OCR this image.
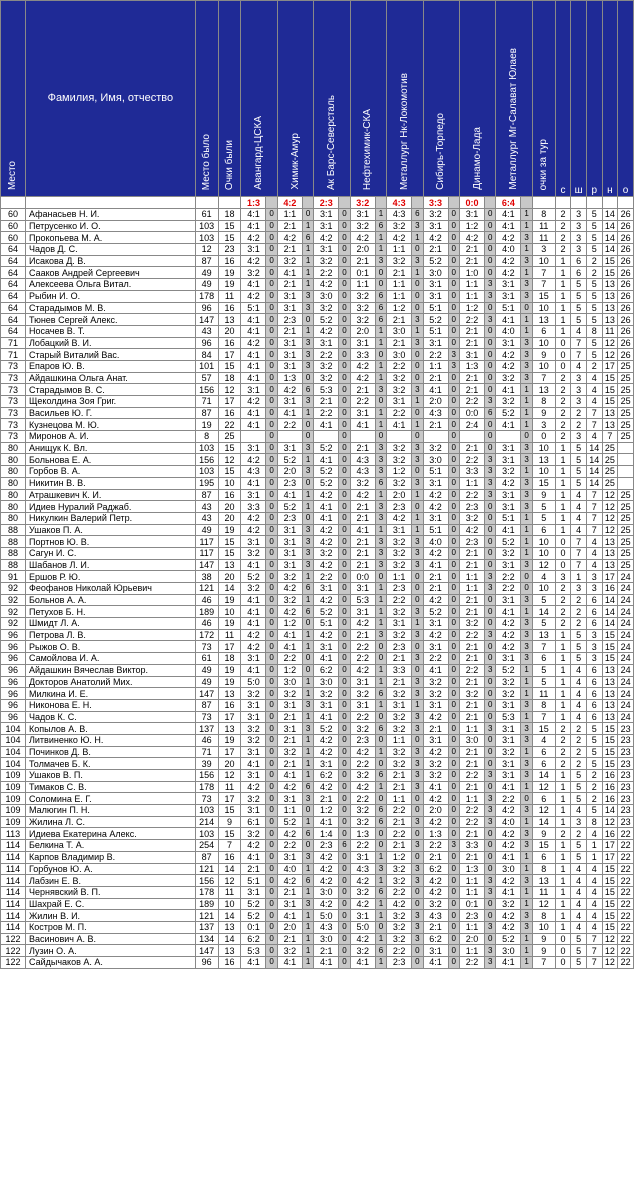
Место	Фамилия, Имя, отчество	Место было	Очки были	Авангард-ЦСКА		Химик-Амур		Ак Барс-Северсталь		Нефтехимик-СКА		Металлург Нк-Локомотив		Сибирь-Торпедо		Динамо-Лада		Металлург Мг-Салават Юлаев		очки за тур	с	ш	р	н	о
				1:3		4:2		2:3		3:2		4:3		3:3		0:0		6:4							
60	Афанасьев Н. И.	61	18	4:1	0	1:1	0	3:1	0	3:1	1	4:3	6	3:2	0	3:1	0	4:1	1	8	2	3	5	14	26
60	Петрусенко И. О.	103	15	4:1	0	2:1	1	3:1	0	3:2	6	3:2	3	3:1	0	1:2	0	4:1	1	11	2	3	5	14	26
60	Прокопьева М. А.	103	15	4:2	0	4:2	6	4:2	0	4:2	1	4:2	1	4:2	0	4:2	0	4:2	3	11	2	3	5	14	26
64	Чадов Д. С.	12	23	3:1	0	2:1	1	3:1	0	2:0	1	1:1	0	2:1	0	2:1	0	4:0	1	3	2	3	5	14	26
64	Исакова Д. В.	87	16	4:2	0	3:2	1	3:2	0	2:1	3	3:2	3	5:2	0	2:1	0	4:2	3	10	1	6	2	15	26
64	Саакoв Андрей Сергеевич	49	19	3:2	0	4:1	1	2:2	0	0:1	0	2:1	1	3:0	0	1:0	0	4:2	1	7	1	6	2	15	26
64	Алексеева Ольга Витал.	49	19	4:1	0	2:1	1	4:2	0	1:1	0	1:1	0	3:1	0	1:1	3	3:1	3	7	1	5	5	13	26
64	Рыбин И. О.	178	11	4:2	0	3:1	3	3:0	0	3:2	6	1:1	0	3:1	0	1:1	3	3:1	3	15	1	5	5	13	26
64	Старадымов М. В.	96	16	5:1	0	3:1	3	3:2	0	3:2	6	1:2	0	5:1	0	1:2	0	5:1	0	10	1	5	5	13	26
64	Тюнев Сергей Алекс.	147	13	4:1	0	2:3	0	5:2	0	3:2	6	2:1	3	5:2	0	2:2	3	4:1	1	13	1	5	5	13	26
64	Носачев В. Т.	43	20	4:1	0	2:1	1	4:2	0	2:0	1	3:0	1	5:1	0	2:1	0	4:0	1	6	1	4	8	11	26
71	Лобацкий В. И.	96	16	4:2	0	3:1	3	3:1	0	3:1	1	2:1	3	3:1	0	2:1	0	3:1	3	10	0	7	5	12	26
71	Старый Виталий Вас.	84	17	4:1	0	3:1	3	2:2	0	3:3	0	3:0	0	2:2	3	3:1	0	4:2	3	9	0	7	5	12	26
73	Епаров Ю. В.	101	15	4:1	0	3:1	3	3:2	0	4:2	1	2:2	0	1:1	3	1:3	0	4:2	3	10	0	4	2	17	25
73	Айдашкина Ольга Анат.	57	18	4:1	0	1:3	0	3:2	0	4:2	1	3:2	0	2:1	0	2:1	0	3:2	3	7	2	3	4	15	25
73	Старадымов В. С.	156	12	3:1	0	4:2	6	5:3	0	2:1	3	3:2	3	4:1	0	2:1	0	4:1	1	13	2	3	4	15	25
73	Щеколдина Зоя Григ.	71	17	4:2	0	3:1	3	2:1	0	2:2	0	3:1	1	2:0	0	2:2	3	3:2	1	8	2	3	4	15	25
73	Васильев Ю. Г.	87	16	4:1	0	4:1	1	2:2	0	3:1	1	2:2	0	4:3	0	0:0	6	5:2	1	9	2	2	7	13	25
73	Кузнецова М. Ю.	19	22	4:1	0	2:2	0	4:1	0	4:1	1	4:1	1	2:1	0	2:4	0	4:1	1	3	2	2	7	13	25
73	Миронов А. И.	8	25		0		0		0		0		0		0		0		0	0	2	3	4	7	25
80	Анищук К. Вл.	103	15	3:1	0	3:1	3	5:2	0	2:1	3	3:2	3	3:2	0	2:1	0	3:1	3	10	1	5	14	25	
80	Больнова Е. А.	156	12	4:2	0	5:2	1	4:1	0	4:3	3	3:2	3	3:0	0	2:2	3	3:1	3	13	1	5	14	25	
80	Горбов В. А.	103	15	4:3	0	2:0	3	5:2	0	4:3	3	1:2	0	5:1	0	3:3	3	3:2	1	10	1	5	14	25	
80	Никитин В. В.	195	10	4:1	0	2:3	0	5:2	0	3:2	6	3:2	3	3:1	0	1:1	3	4:2	3	15	1	5	14	25	
80	Атрашкевич К. И.	87	16	3:1	0	4:1	1	4:2	0	4:2	1	2:0	1	4:2	0	2:2	3	3:1	3	9	1	4	7	12	25
80	Идиев Нуралий Раджаб.	43	20	3:3	0	5:2	1	4:1	0	2:1	3	2:3	0	4:2	0	2:3	0	3:1	3	5	1	4	7	12	25
80	Никулкин Валерий Петр.	43	20	4:2	0	2:3	0	4:1	0	2:1	3	4:2	1	3:1	0	3:2	0	5:1	1	5	1	4	7	12	25
88	Ушаков П. А.	49	19	4:2	0	3:1	3	4:2	0	4:1	1	3:1	1	5:1	0	4:2	0	4:1	1	6	1	4	7	12	25
88	Портнов Ю. В.	117	15	3:1	0	3:1	3	4:2	0	2:1	3	3:2	3	4:0	0	2:3	0	5:2	1	10	0	7	4	13	25
88	Сагун И. С.	117	15	3:2	0	3:1	3	3:2	0	2:1	3	3:2	3	4:2	0	2:1	0	3:2	1	10	0	7	4	13	25
88	Шабанов Л. И.	147	13	4:1	0	3:1	3	4:2	0	2:1	3	3:2	3	4:1	0	2:1	0	3:1	3	12	0	7	4	13	25
91	Ершов Р. Ю.	38	20	5:2	0	3:2	1	2:2	0	0:0	0	1:1	0	2:1	0	1:1	3	2:2	0	4	3	1	3	17	24
92	Феофанов Николай Юрьевич	121	14	3:2	0	4:2	6	3:1	0	3:1	1	2:3	0	2:1	0	1:1	3	2:2	0	10	2	3	3	16	24
92	Больнов А. А.	46	19	4:1	0	3:2	1	4:2	0	5:3	1	2:2	0	4:2	0	2:1	0	3:1	3	5	2	2	6	14	24
92	Петухов Б. Н.	189	10	4:1	0	4:2	6	5:2	0	3:1	1	3:2	3	5:2	0	2:1	0	4:1	1	14	2	2	6	14	24
92	Шмидт Л. А.	46	19	4:1	0	1:2	0	5:1	0	4:2	1	3:1	1	3:1	0	3:2	0	4:2	3	5	2	2	6	14	24
96	Петрова Л. В.	172	11	4:2	0	4:1	1	4:2	0	2:1	3	3:2	3	4:2	0	2:2	3	4:2	3	13	1	5	3	15	24
96	Рыжов О. В.	73	17	4:2	0	4:1	1	3:1	0	2:2	0	2:3	0	3:1	0	2:1	0	4:2	3	7	1	5	3	15	24
96	Самойлова И. А.	61	18	3:1	0	2:2	0	4:1	0	2:2	0	2:1	3	2:2	0	2:1	0	3:1	3	6	1	5	3	15	24
96	Айдашкин Вячеслав Виктор.	49	19	4:1	0	1:2	0	6:2	0	4:2	1	3:3	0	4:1	0	2:2	3	5:2	1	5	1	4	6	13	24
96	Докторов Анатолий Мих.	49	19	5:0	0	3:0	1	3:0	0	3:1	1	2:1	3	3:2	0	2:1	0	3:2	1	5	1	4	6	13	24
96	Милкина И. Е.	147	13	3:2	0	3:2	1	3:2	0	3:2	6	3:2	3	3:2	0	3:2	0	3:2	1	11	1	4	6	13	24
96	Никонова Е. Н.	87	16	3:1	0	3:1	3	3:1	0	3:1	1	3:1	1	3:1	0	2:1	0	3:1	3	8	1	4	6	13	24
96	Чадов К. С.	73	17	3:1	0	2:1	1	4:1	0	2:2	0	3:2	3	4:2	0	2:1	0	5:3	1	7	1	4	6	13	24
104	Копылов А. В.	137	13	3:2	0	3:1	3	5:2	0	3:2	6	3:2	3	2:1	0	1:1	3	3:1	3	15	2	2	5	15	23
104	Литвиненко Ю. Н.	46	19	3:2	0	2:1	1	4:2	0	2:3	0	1:1	0	3:1	0	3:0	0	3:1	3	4	2	2	5	15	23
104	Починков Д. В.	71	17	3:1	0	3:2	1	4:2	0	4:2	1	3:2	3	4:2	0	2:1	0	3:2	1	6	2	2	5	15	23
104	Толмачев Б. К.	39	20	4:1	0	2:1	1	3:1	0	2:2	0	3:2	3	3:2	0	2:1	0	3:1	3	6	2	2	5	15	23
109	Ушаков В. П.	156	12	3:1	0	4:1	1	6:2	0	3:2	6	2:1	3	3:2	0	2:2	3	3:1	3	14	1	5	2	16	23
109	Тимаков С. В.	178	11	4:2	0	4:2	6	4:2	0	4:2	1	2:1	3	4:1	0	2:1	0	4:1	1	12	1	5	2	16	23
109	Соломина Е. Г.	73	17	3:2	0	3:1	3	2:1	0	2:2	0	1:1	0	4:2	0	1:1	3	2:2	0	6	1	5	2	16	23
109	Малюгин П. Н.	103	15	3:1	0	1:1	0	1:2	0	3:2	6	2:2	0	2:0	0	2:2	3	4:2	3	12	1	4	5	14	23
109	Жилина Л. С.	214	9	6:1	0	5:2	1	4:1	0	3:2	6	2:1	3	4:2	0	2:2	3	4:0	1	14	1	3	8	12	23
113	Идиева Екатерина Алекс.	103	15	3:2	0	4:2	6	1:4	0	1:3	0	2:2	0	1:3	0	2:1	0	4:2	3	9	2	2	4	16	22
114	Белкина Т. А.	254	7	4:2	0	2:2	0	2:3	6	2:2	0	2:1	3	2:2	3	3:3	0	4:2	3	15	1	5	1	17	22
114	Карпов Владимир В.	87	16	4:1	0	3:1	3	4:2	0	3:1	1	1:2	0	2:1	0	2:1	0	4:1	1	6	1	5	1	17	22
114	Горбунов Ю. А.	121	14	2:1	0	4:0	1	4:2	0	4:3	3	3:2	3	6:2	0	1:3	0	3:0	1	8	1	4	4	15	22
114	Лабзин Е. В.	156	12	5:1	0	4:2	6	4:2	0	4:2	1	3:2	3	4:2	0	1:1	3	4:2	3	13	1	4	4	15	22
114	Чернявский В. П.	178	11	3:1	0	2:1	1	3:0	0	3:2	6	2:2	0	4:2	0	1:1	3	4:1	1	11	1	4	4	15	22
114	Шахрай Е. С.	189	10	5:2	0	3:1	3	4:2	0	4:2	1	4:2	0	3:2	0	0:1	0	3:2	1	12	1	4	4	15	22
114	Жилин В. И.	121	14	5:2	0	4:1	1	5:0	0	3:1	1	3:2	3	4:3	0	2:3	0	4:2	3	8	1	4	4	15	22
114	Костров М. П.	137	13	0:1	0	2:0	1	4:3	0	5:0	0	3:2	3	2:1	0	1:1	3	4:2	3	10	1	4	4	15	22
122	Васинович А. В.	134	14	6:2	0	2:1	1	3:0	0	4:2	1	3:2	3	6:2	0	2:0	0	5:2	1	9	0	5	7	12	22
122	Лузин О. А.	147	13	5:3	0	3:2	1	2:1	0	3:2	6	2:2	0	3:1	0	1:1	3	3:0	1	9	0	5	7	12	22
122	Сайдычаков А. А.	96	16	4:1	0	4:1	1	4:1	0	4:1	1	2:3	0	4:1	0	2:2	3	4:1	1	7	0	5	7	12	22
